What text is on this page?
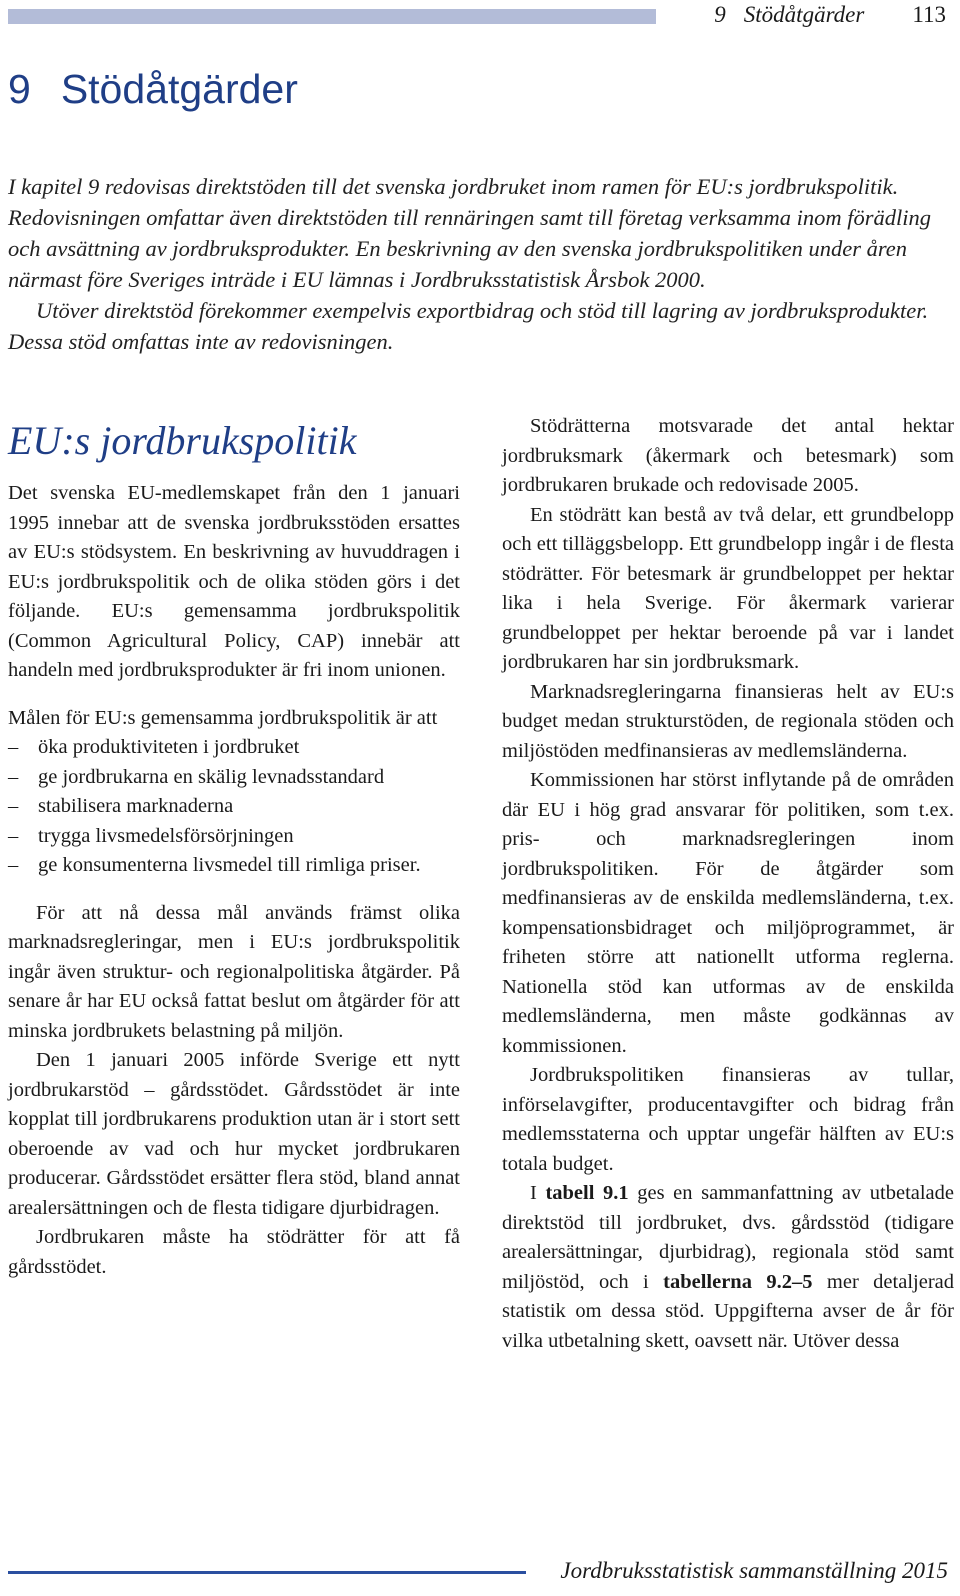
9 Stödåtgärder 113
9 Stödåtgärder

I kapitel 9 redovisas direktstöden till det svenska jordbruket inom ramen för EU:s jordbrukspolitik. Redovisningen omfattar även direktstöden till rennäringen samt till företag verksamma inom förädling och avsättning av jordbruksprodukter. En beskrivning av den svenska jordbrukspolitiken under åren närmast före Sveriges inträde i EU lämnas i Jordbruksstatistisk Årsbok 2000.

Utöver direktstöd förekommer exempelvis exportbidrag och stöd till lagring av jordbruksprodukter. Dessa stöd omfattas inte av redovisningen.

EU:s jordbrukspolitik

Det svenska EU-medlemskapet från den 1 januari 1995 innebar att de svenska jordbruksstöden ersattes av EU:s stödsystem. En beskrivning av huvuddragen i EU:s jordbrukspolitik och de olika stöden görs i det följande. EU:s gemensamma jordbrukspolitik (Common Agricultural Policy, CAP) innebär att handeln med jordbruksprodukter är fri inom unionen.

Målen för EU:s gemensamma jordbrukspolitik är att

– öka produktiviteten i jordbruket
– ge jordbrukarna en skälig levnadsstandard
– stabilisera marknaderna
– trygga livsmedelsförsörjningen
– ge konsumenterna livsmedel till rimliga priser.

För att nå dessa mål används främst olika marknadsregleringar, men i EU:s jordbrukspolitik ingår även struktur- och regionalpolitiska åtgärder. På senare år har EU också fattat beslut om åtgärder för att minska jordbrukets belastning på miljön.

Den 1 januari 2005 införde Sverige ett nytt jordbrukarstöd – gårdsstödet. Gårdsstödet är inte kopplat till jordbrukarens produktion utan är i stort sett oberoende av vad och hur mycket jordbrukaren producerar. Gårdsstödet ersätter flera stöd, bland annat arealersättningen och de flesta tidigare djurbidragen.

Jordbrukaren måste ha stödrätter för att få gårdsstödet.

Stödrätterna motsvarade det antal hektar jordbruksmark (åkermark och betesmark) som jordbrukaren brukade och redovisade 2005.

En stödrätt kan bestå av två delar, ett grundbelopp och ett tilläggsbelopp. Ett grundbelopp ingår i de flesta stödrätter. För betesmark är grundbeloppet per hektar lika i hela Sverige. För åkermark varierar grundbeloppet per hektar beroende på var i landet jordbrukaren har sin jordbruksmark.

Marknadsregleringarna finansieras helt av EU:s budget medan strukturstöden, de regionala stöden och miljöstöden medfinansieras av medlemsländerna.

Kommissionen har störst inflytande på de områden där EU i hög grad ansvarar för politiken, som t.ex. pris- och marknadsregleringen inom jordbrukspolitiken. För de åtgärder som medfinansieras av de enskilda medlemsländerna, t.ex. kompensationsbidraget och miljöprogrammet, är friheten större att nationellt utforma reglerna. Nationella stöd kan utformas av de enskilda medlemsländerna, men måste godkännas av kommissionen.

Jordbrukspolitiken finansieras av tullar, införselavgifter, producentavgifter och bidrag från medlemsstaterna och upptar ungefär hälften av EU:s totala budget.

I tabell 9.1 ges en sammanfattning av utbetalade direktstöd till jordbruket, dvs. gårdsstöd (tidigare arealersättningar, djurbidrag), regionala stöd samt miljöstöd, och i tabellerna 9.2–5 mer detaljerad statistik om dessa stöd. Uppgifterna avser de år för vilka utbetalning skett, oavsett när. Utöver dessa

Jordbruksstatistisk sammanställning 2015
